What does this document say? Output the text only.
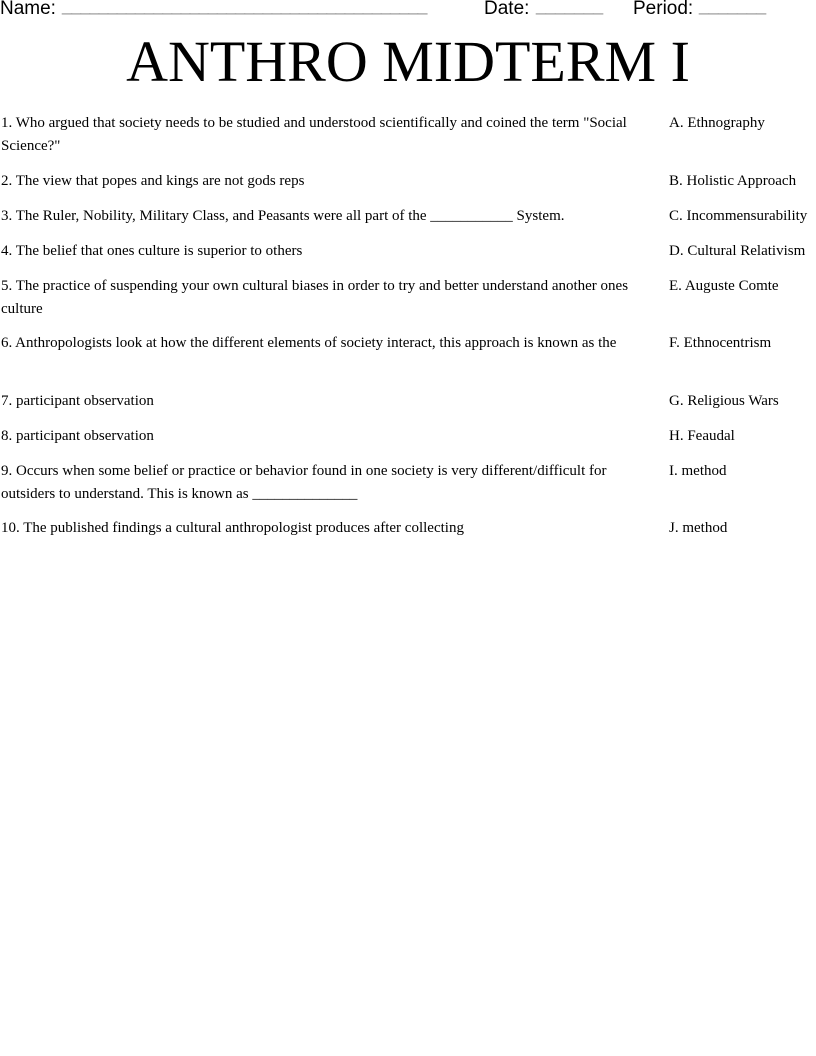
Name: ________________________________________	Date: _______ Period: _______
ANTHRO MIDTERM I
1. Who argued that society needs to be studied and understood scientifically and coined the term "Social Science?"
2. The view that popes and kings are not gods reps
3. The Ruler, Nobility, Military Class, and Peasants were all part of the ___________ System.
4. The belief that ones culture is superior to others
5. The practice of suspending your own cultural biases in order to try and better understand another ones culture
6. Anthropologists look at how the different elements of society interact, this approach is known as the
7. participant observation
8. participant observation
9. Occurs when some belief or practice or behavior found in one society is very different/difficult for outsiders to understand. This is known as ______________
10. The published findings a cultural anthropologist produces after collecting
A. Ethnography
B. Holistic Approach
C. Incommensurability
D. Cultural Relativism
E. Auguste Comte
F. Ethnocentrism
G. Religious Wars
H. Feaudal
I. method
J. method
